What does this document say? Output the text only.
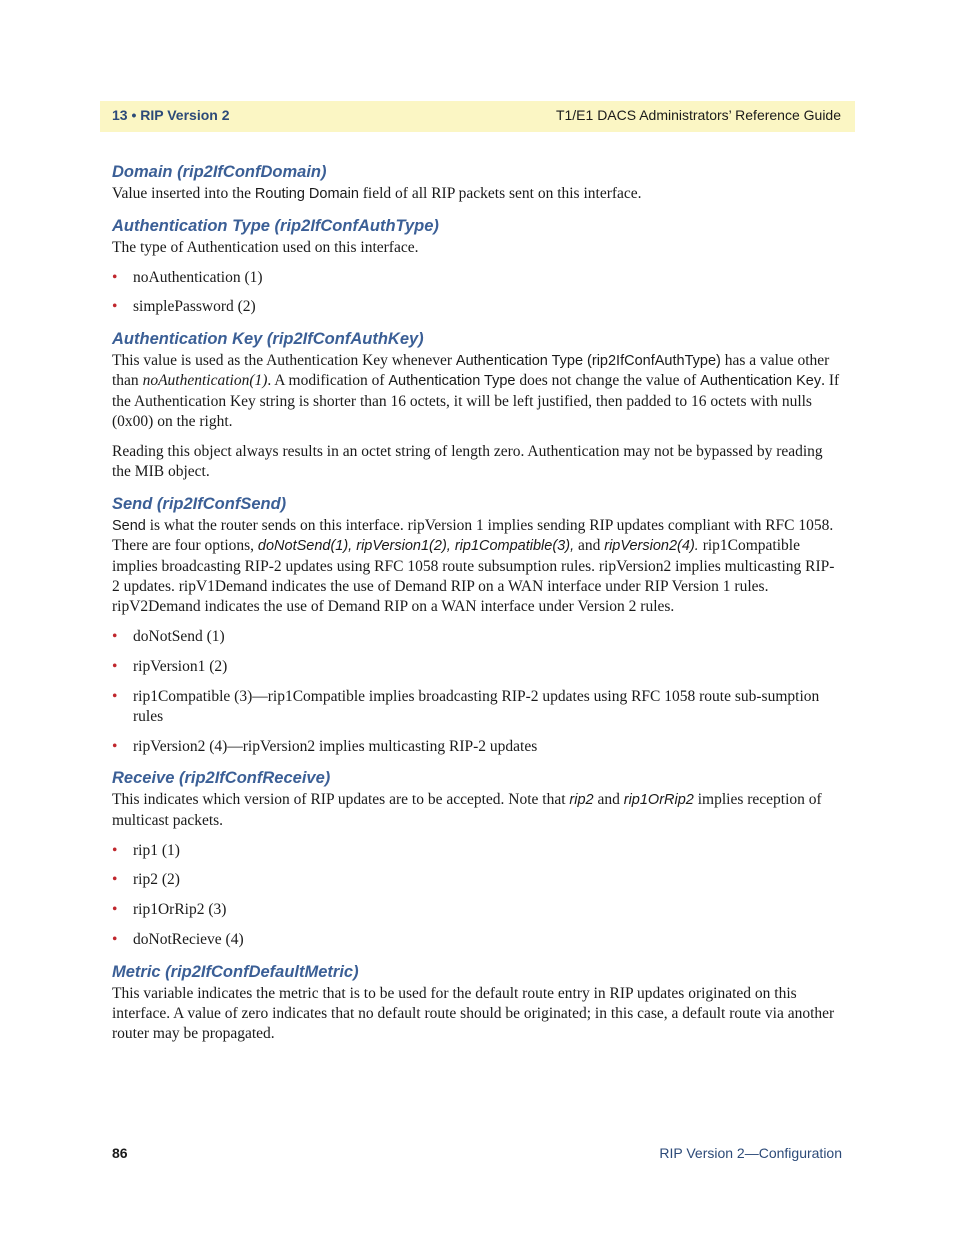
13 • RIP Version 2	T1/E1 DACS Administrators’ Reference Guide
Domain (rip2IfConfDomain)

Value inserted into the Routing Domain field of all RIP packets sent on this interface.

Authentication Type (rip2IfConfAuthType)

The type of Authentication used on this interface.

• noAuthentication (1)
• simplePassword (2)
Authentication Key (rip2IfConfAuthKey)

This value is used as the Authentication Key whenever Authentication Type (rip2IfConfAuthType) has a value other than noAuthentication(1). A modification of Authentication Type does not change the value of Authentication Key. If the Authentication Key string is shorter than 16 octets, it will be left justified, then padded to 16 octets with nulls (0x00) on the right.

Reading this object always results in an octet string of length zero. Authentication may not be bypassed by reading the MIB object.

Send (rip2IfConfSend)

Send is what the router sends on this interface. ripVersion 1 implies sending RIP updates compliant with RFC 1058. There are four options, doNotSend(1), ripVersion1(2), rip1Compatible(3), and ripVersion2(4). rip1Compatible implies broadcasting RIP-2 updates using RFC 1058 route subsumption rules. ripVersion2 implies multicasting RIP-2 updates. ripV1Demand indicates the use of Demand RIP on a WAN interface under RIP Version 1 rules. ripV2Demand indicates the use of Demand RIP on a WAN interface under Version 2 rules.

• doNotSend (1)
• ripVersion1 (2)
• rip1Compatible (3)—rip1Compatible implies broadcasting RIP-2 updates using RFC 1058 route sub-sumption rules
• ripVersion2 (4)—ripVersion2 implies multicasting RIP-2 updates
Receive (rip2IfConfReceive)

This indicates which version of RIP updates are to be accepted. Note that rip2 and rip1OrRip2 implies reception of multicast packets.

• rip1 (1)
• rip2 (2)
• rip1OrRip2 (3)
• doNotRecieve (4)
Metric (rip2IfConfDefaultMetric)

This variable indicates the metric that is to be used for the default route entry in RIP updates originated on this interface. A value of zero indicates that no default route should be originated; in this case, a default route via another router may be propagated.

86	RIP Version 2—Configuration
